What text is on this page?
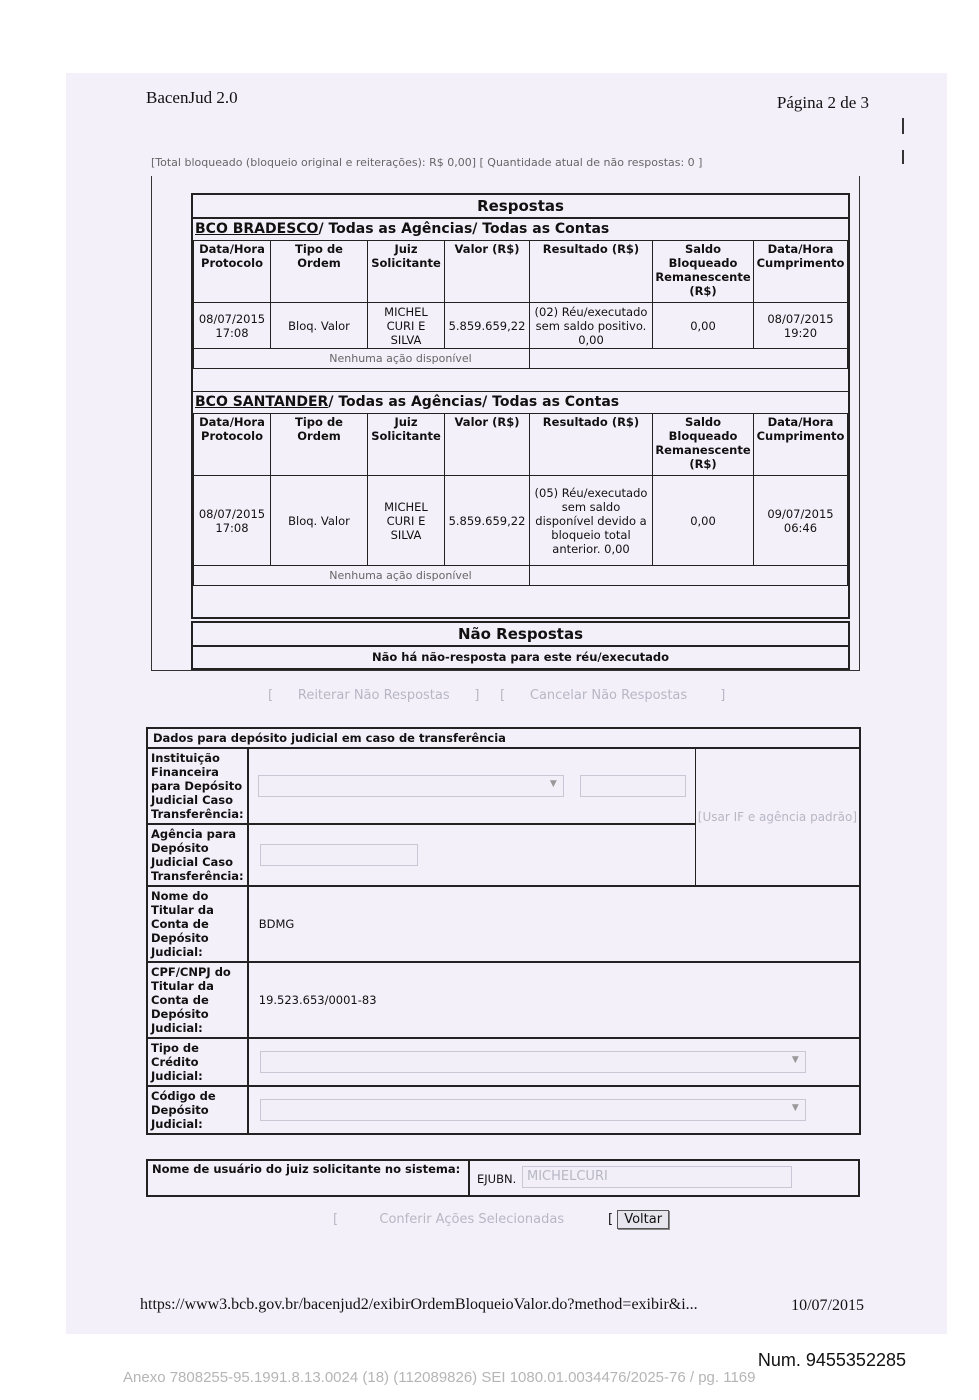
BacenJud 2.0	Página 2 de 3
[Total bloqueado (bloqueio original e reiterações): R$ 0,00] [ Quantidade atual de não respostas: 0 ]
Respostas
BCO BRADESCO/ Todas as Agências/ Todas as Contas
Data/Hora Protocolo	Tipo de Ordem	Juiz Solicitante	Valor (R$)	Resultado (R$)	Saldo Bloqueado Remanescente (R$)	Data/Hora Cumprimento
08/07/2015 17:08	Bloq. Valor	MICHEL CURI E SILVA	5.859.659,22	(02) Réu/executado sem saldo positivo. 0,00	0,00	08/07/2015 19:20
Nenhuma ação disponível						
BCO SANTANDER/ Todas as Agências/ Todas as Contas
Data/Hora Protocolo	Tipo de Ordem	Juiz Solicitante	Valor (R$)	Resultado (R$)	Saldo Bloqueado Remanescente (R$)	Data/Hora Cumprimento
08/07/2015 17:08	Bloq. Valor	MICHEL CURI E SILVA	5.859.659,22	(05) Réu/executado sem saldo disponível devido a bloqueio total anterior. 0,00	0,00	09/07/2015 06:46
Nenhuma ação disponível						
Não Respostas
Não há não-resposta para este réu/executado
[      Reiterar Não Respostas      ] [      Cancelar Não Respostas        ]
Dados para depósito judicial em caso de transferência		
Instituição Financeira para Depósito Judicial Caso Transferência:	▼	[Usar IF e agência padrão]
Agência para Depósito Judicial Caso Transferência:		

Nome do Titular da Conta de Depósito Judicial:	BDMG	
CPF/CNPJ do Titular da Conta de Depósito Judicial:	19.523.653/0001-83	
Tipo de Crédito Judicial:	▼	

Código de Depósito Judicial:	▼	
Nome de usuário do juiz solicitante no sistema:
EJUBN. MICHELCURI
[          Conferir Ações Selecionadas	[ Voltar
https://www3.bcb.gov.br/bacenjud2/exibirOrdemBloqueioValor.do?method=exibir&i...	10/07/2015
Num. 9455352285
Anexo 7808255-95.1991.8.13.0024 (18) (112089826) SEI 1080.01.0034476/2025-76 / pg. 1169
